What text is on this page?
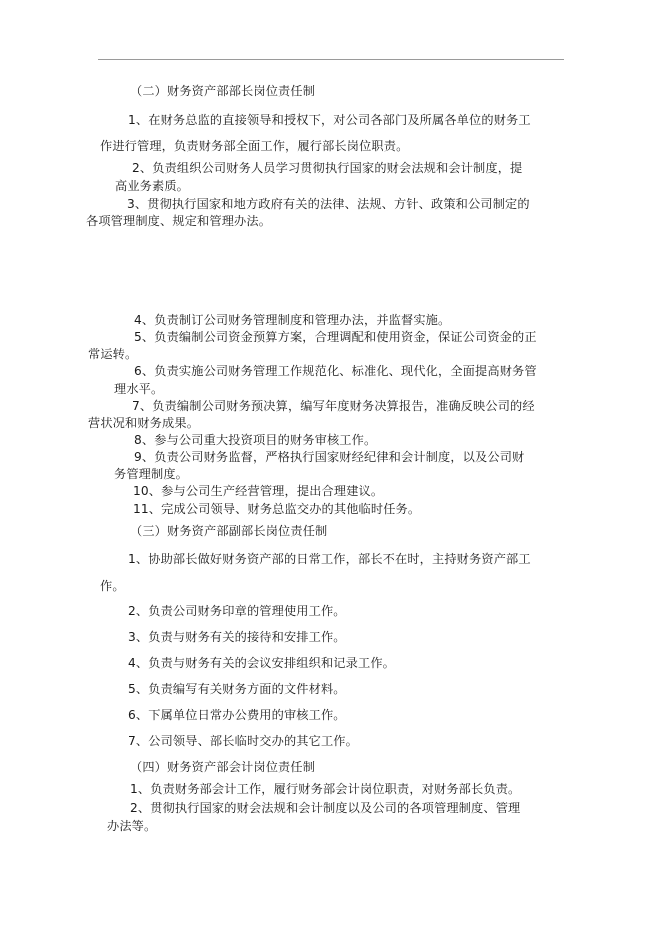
（二）财务资产部部长岗位责任制

1、在财务总监的直接领导和授权下，对公司各部门及所属各单位的财务工

作进行管理，负责财务部全面工作，履行部长岗位职责。

2、负责组织公司财务人员学习贯彻执行国家的财会法规和会计制度，提

高业务素质。

3、贯彻执行国家和地方政府有关的法律、法规、方针、政策和公司制定的

各项管理制度、规定和管理办法。

4、负责制订公司财务管理制度和管理办法，并监督实施。

5、负责编制公司资金预算方案，合理调配和使用资金，保证公司资金的正

常运转。

6、负责实施公司财务管理工作规范化、标准化、现代化，全面提高财务管

理水平。

7、负责编制公司财务预决算，编写年度财务决算报告，准确反映公司的经

营状况和财务成果。

8、参与公司重大投资项目的财务审核工作。

9、负责公司财务监督，严格执行国家财经纪律和会计制度，以及公司财

务管理制度。

10、参与公司生产经营管理，提出合理建议。

11、完成公司领导、财务总监交办的其他临时任务。

（三）财务资产部副部长岗位责任制

1、协助部长做好财务资产部的日常工作，部长不在时，主持财务资产部工

作。

2、负责公司财务印章的管理使用工作。

3、负责与财务有关的接待和安排工作。

4、负责与财务有关的会议安排组织和记录工作。

5、负责编写有关财务方面的文件材料。

6、下属单位日常办公费用的审核工作。

7、公司领导、部长临时交办的其它工作。

（四）财务资产部会计岗位责任制

1、负责财务部会计工作，履行财务部会计岗位职责，对财务部长负责。

2、贯彻执行国家的财会法规和会计制度以及公司的各项管理制度、管理

办法等。
